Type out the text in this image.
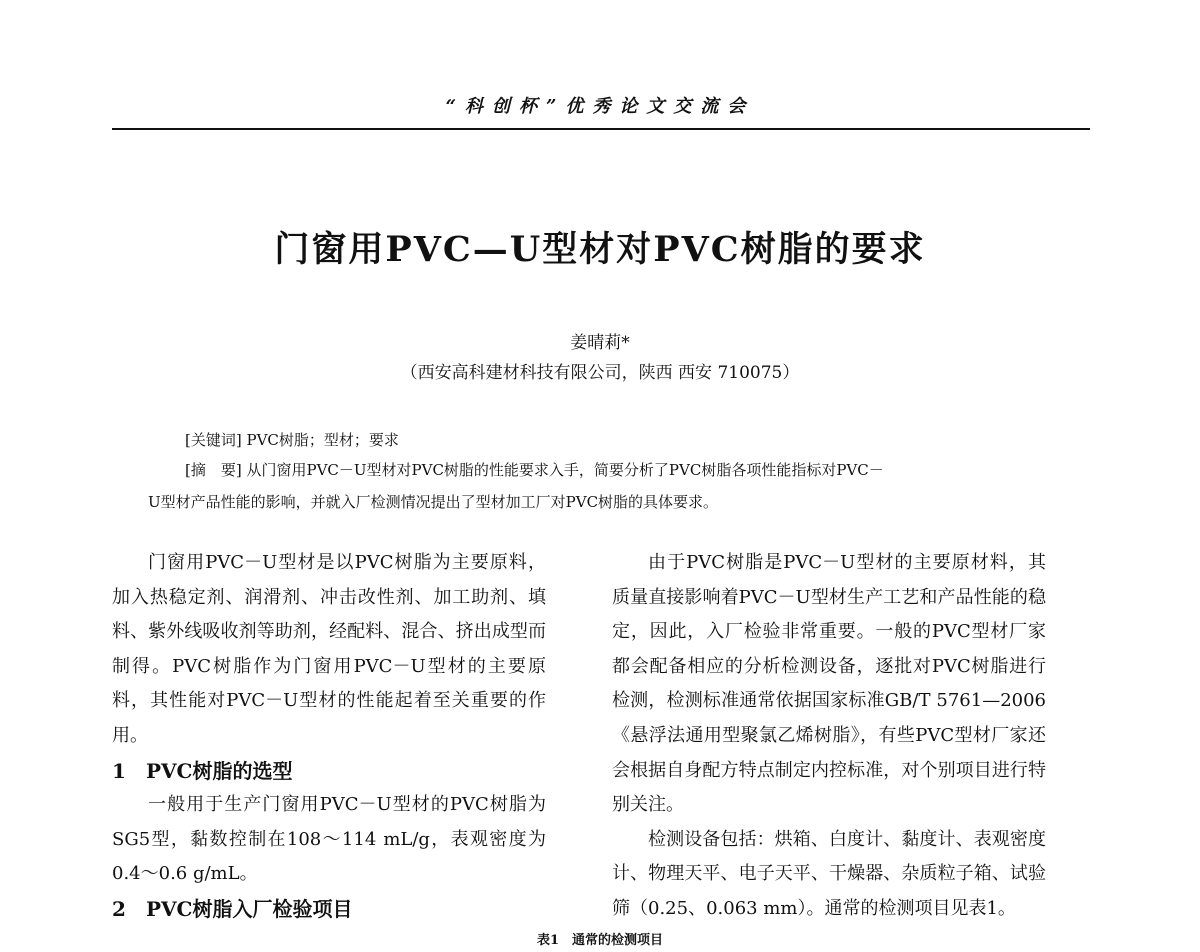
“科创杯”优秀论文交流会
门窗用PVC—U型材对PVC树脂的要求
姜晴莉*
（西安高科建材科技有限公司，陕西 西安 710075）
[关键词] PVC树脂；型材；要求
[摘　要] 从门窗用PVC－U型材对PVC树脂的性能要求入手，简要分析了PVC树脂各项性能指标对PVC－
U型材产品性能的影响，并就入厂检测情况提出了型材加工厂对PVC树脂的具体要求。

门窗用PVC－U型材是以PVC树脂为主要原料，加入热稳定剂、润滑剂、冲击改性剂、加工助剂、填料、紫外线吸收剂等助剂，经配料、混合、挤出成型而制得。PVC树脂作为门窗用PVC－U型材的主要原料，其性能对PVC－U型材的性能起着至关重要的作用。

1 PVC树脂的选型

一般用于生产门窗用PVC－U型材的PVC树脂为SG5型，黏数控制在108～114 mL/g，表观密度为0.4～0.6 g/mL。

2 PVC树脂入厂检验项目

由于PVC树脂是PVC－U型材的主要原材料，其质量直接影响着PVC－U型材生产工艺和产品性能的稳定，因此，入厂检验非常重要。一般的PVC型材厂家都会配备相应的分析检测设备，逐批对PVC树脂进行检测，检测标准通常依据国家标准GB/T 5761—2006《悬浮法通用型聚氯乙烯树脂》，有些PVC型材厂家还会根据自身配方特点制定内控标准，对个别项目进行特别关注。

检测设备包括：烘箱、白度计、黏度计、表观密度计、物理天平、电子天平、干燥器、杂质粒子箱、试验筛（0.25、0.063 mm）。通常的检测项目见表1。

表1　通常的检测项目
